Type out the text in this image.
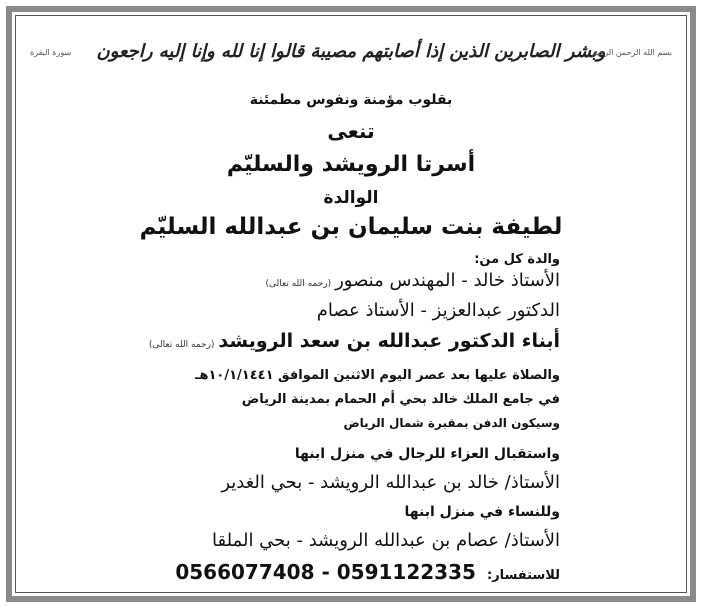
وبشر الصابرين الذين إذا أصابتهم مصيبة قالوا إنا لله وإنا إليه راجعون
سورة البقرة	بسم الله الرحمن الرحيم
بقلوب مؤمنة ونفوس مطمئنة
تنعى
أسرتا الرويشد والسليّم
الوالدة
لطيفة بنت سليمان بن عبدالله السليّم
والدة كل من:
الأستاذ خالد - المهندس منصور(رحمه الله تعالى)
الدكتور عبدالعزيز - الأستاذ عصام
أبناء الدكتور عبدالله بن سعد الرويشد(رحمه الله تعالى)
والصلاة عليها بعد عصر اليوم الاثنين الموافق ١٠/١/١٤٤١هـ
في جامع الملك خالد بحي أم الحمام بمدينة الرياض
وسيكون الدفن بمقبرة شمال الرياض
واستقبال العزاء للرجال في منزل ابنها
الأستاذ/ خالد بن عبدالله الرويشد - بحي الغدير
وللنساء في منزل ابنها
الأستاذ/ عصام بن عبدالله الرويشد - بحي الملقا
للاستفسار: 0591122335 - 0566077408
